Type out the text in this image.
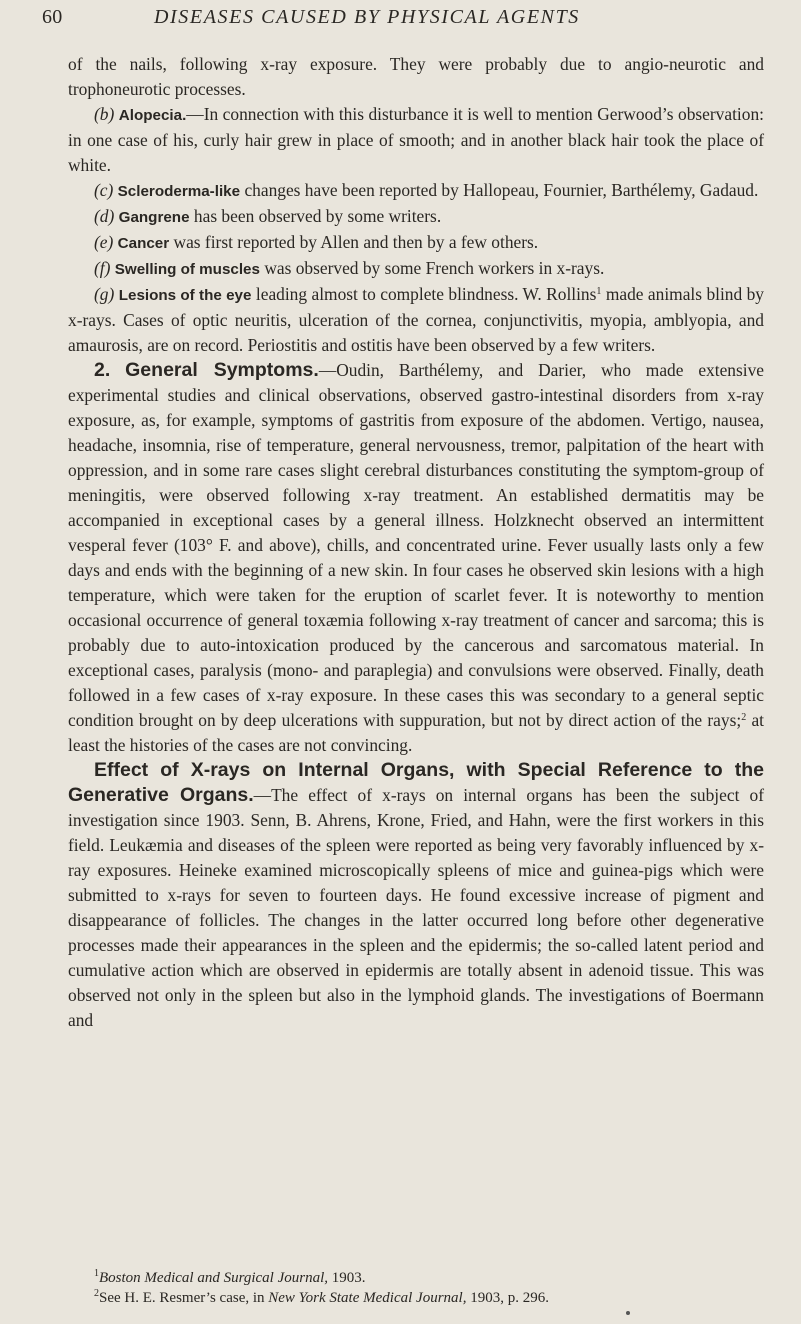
60	DISEASES CAUSED BY PHYSICAL AGENTS

of the nails, following x-ray exposure. They were probably due to angio-neurotic and trophoneurotic processes.

(b) Alopecia.—In connection with this disturbance it is well to mention Gerwood’s observation: in one case of his, curly hair grew in place of smooth; and in another black hair took the place of white.

(c) Scleroderma-like changes have been reported by Hallopeau, Fournier, Barthélemy, Gadaud.

(d) Gangrene has been observed by some writers.

(e) Cancer was first reported by Allen and then by a few others.

(f) Swelling of muscles was observed by some French workers in x-rays.

(g) Lesions of the eye leading almost to complete blindness. W. Rollins$^1$ made animals blind by x-rays. Cases of optic neuritis, ulceration of the cornea, conjunctivitis, myopia, amblyopia, and amaurosis, are on record. Periostitis and ostitis have been observed by a few writers.

2. General Symptoms.—Oudin, Barthélemy, and Darier, who made extensive experimental studies and clinical observations, observed gastro-intestinal disorders from x-ray exposure, as, for example, symptoms of gastritis from exposure of the abdomen. Vertigo, nausea, headache, insomnia, rise of temperature, general nervousness, tremor, palpitation of the heart with oppression, and in some rare cases slight cerebral disturbances constituting the symptom-group of meningitis, were observed following x-ray treatment. An established dermatitis may be accompanied in exceptional cases by a general illness. Holzknecht observed an intermittent vesperal fever (103° F. and above), chills, and concentrated urine. Fever usually lasts only a few days and ends with the beginning of a new skin. In four cases he observed skin lesions with a high temperature, which were taken for the eruption of scarlet fever. It is noteworthy to mention occasional occurrence of general toxæmia following x-ray treatment of cancer and sarcoma; this is probably due to auto-intoxication produced by the cancerous and sarcomatous material. In exceptional cases, paralysis (mono- and paraplegia) and convulsions were observed. Finally, death followed in a few cases of x-ray exposure. In these cases this was secondary to a general septic condition brought on by deep ulcerations with suppuration, but not by direct action of the rays;$^2$ at least the histories of the cases are not convincing.

Effect of X-rays on Internal Organs, with Special Reference to the Generative Organs.—The effect of x-rays on internal organs has been the subject of investigation since 1903. Senn, B. Ahrens, Krone, Fried, and Hahn, were the first workers in this field. Leukæmia and diseases of the spleen were reported as being very favorably influenced by x-ray exposures. Heineke examined microscopically spleens of mice and guinea-pigs which were submitted to x-rays for seven to fourteen days. He found excessive increase of pigment and disappearance of follicles. The changes in the latter occurred long before other degenerative processes made their appearances in the spleen and the epidermis; the so-called latent period and cumulative action which are observed in epidermis are totally absent in adenoid tissue. This was observed not only in the spleen but also in the lymphoid glands. The investigations of Boermann and

$^1$Boston Medical and Surgical Journal, 1903.

$^2$See H. E. Resmer’s case, in New York State Medical Journal, 1903, p. 296.
